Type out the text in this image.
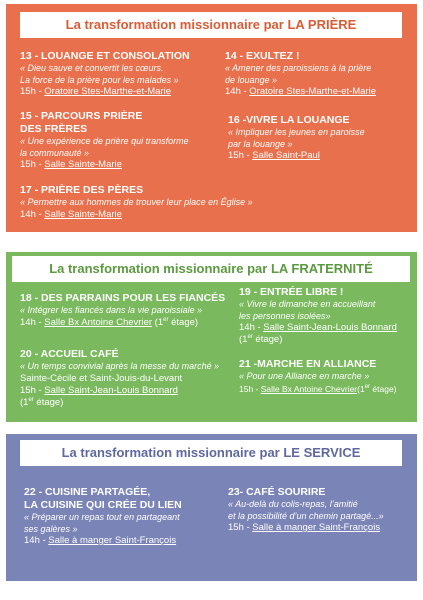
La transformation missionnaire par LA PRIÈRE
13 - LOUANGE ET CONSOLATION
« Dieu sauve et convertit les cœurs.
La force de la prière pour les malades »
15h - Oratoire Stes-Marthe-et-Marie
14 - EXULTEZ !
« Amener des paroissiens à la prière
de louange »
14h - Oratoire Stes-Marthe-et-Marie
15 - PARCOURS PRIÈRE
DES FRÈRES
« Une expérience de prière qui transforme
la communauté »
15h - Salle Sainte-Marie
16 -VIVRE LA LOUANGE
« Impliquer les jeunes en paroisse
par la louange »
15h - Salle Saint-Paul
17 - PRIÈRE DES PÈRES
« Permettre aux hommes de trouver leur place en Église »
14h - Salle Sainte-Marie
La transformation missionnaire par LA FRATERNITÉ
18 - DES PARRAINS POUR LES FIANCÉS
« Intégrer les fiancés dans la vie paroissiale »
14h - Salle Bx Antoine Chevrier (1er étage)
19 - ENTRÉE LIBRE !
« Vivre le dimanche en accueillant
les personnes isolées»
14h - Salle Saint-Jean-Louis Bonnard
(1er étage)
20 - ACCUEIL CAFÉ
« Un temps convivial après la messe du marché »
Sainte-Cécile et Saint-Jouis-du-Levant
15h - Salle Saint-Jean-Louis Bonnard
(1er étage)
21 -MARCHE EN ALLIANCE
« Pour une Alliance en marche »
15h - Salle Bx Antoine Chevrier(1er étage)
La transformation missionnaire par LE SERVICE
22 - CUISINE PARTAGÉE,
LA CUISINE QUI CRÉE DU LIEN
« Préparer un repas tout en partageant
ses galères »
14h - Salle à manger Saint-François
23- CAFÉ SOURIRE
« Au-delà du colis-repas, l’amitié
et la possibilité d’un chemin partagé...»
15h - Salle à manger Saint-François
